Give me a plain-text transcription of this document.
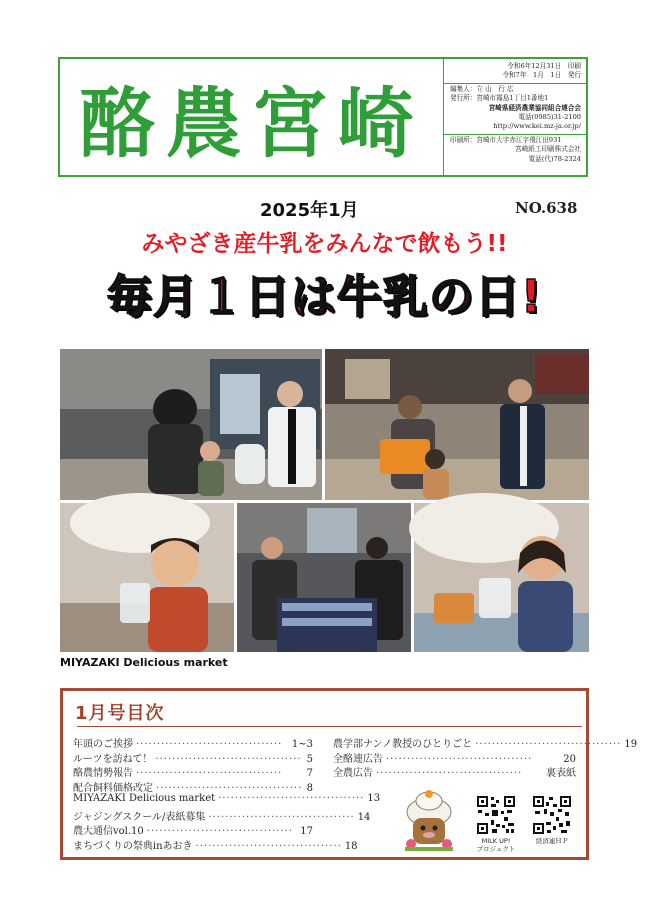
酪農宮崎
令和6年12月31日　印刷
令和7年　1月　1日　発行
編集人：立 山　行 広
発行所：宮崎市霧島1丁目1番地1
宮崎県経済農業協同組合連合会
電話(0985)31-2100
http://www.kei.mz-ja.or.jp/
印刷所：宮崎市大字赤江字飛江田931
宮崎紙工印刷株式会社
電話(代)78-2324
2025年1月	NO.638
みやざき産牛乳をみんなで飲もう!!
毎月１日は牛乳の日!
MIYAZAKI Delicious market
1月号目次
年頭のご挨拶 ··································· 1~3
ルーツを訪ねて！ ··································· 5
酪農情勢報告 ···································	7
配合飼料価格改定 ··································· 8
MIYAZAKI Delicious market ··································· 13
ジャジングスクール/表紙募集 ··································· 14
農大通信vol.10 ··································· 17
まちづくりの祭典inあおき ··································· 18
農学部ナンノ教授のひとりごと ··································· 19
全酪連広告 ···································	20
全農広告 ···································	裏表紙
MILK UP!
プロジェクト
経済連ＨＰ
